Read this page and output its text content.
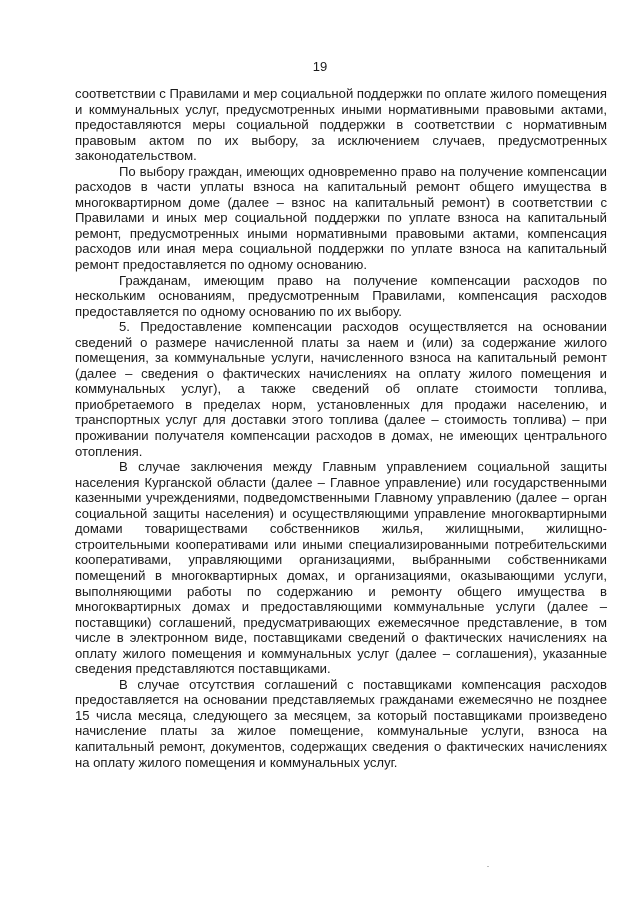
19

соответствии с Правилами и мер социальной поддержки по оплате жилого помещения и коммунальных услуг, предусмотренных иными нормативными правовыми актами, предоставляются меры социальной поддержки в соответствии с нормативным правовым актом по их выбору, за исключением случаев, предусмотренных законодательством.

По выбору граждан, имеющих одновременно право на получение компенсации расходов в части уплаты взноса на капитальный ремонт общего имущества в многоквартирном доме (далее – взнос на капитальный ремонт) в соответствии с Правилами и иных мер социальной поддержки по уплате взноса на капитальный ремонт, предусмотренных иными нормативными правовыми актами, компенсация расходов или иная мера социальной поддержки по уплате взноса на капитальный ремонт предоставляется по одному основанию.

Гражданам, имеющим право на получение компенсации расходов по нескольким основаниям, предусмотренным Правилами, компенсация расходов предоставляется по одному основанию по их выбору.

5. Предоставление компенсации расходов осуществляется на основании сведений о размере начисленной платы за наем и (или) за содержание жилого помещения, за коммунальные услуги, начисленного взноса на капитальный ремонт (далее – сведения о фактических начислениях на оплату жилого помещения и коммунальных услуг), а также сведений об оплате стоимости топлива, приобретаемого в пределах норм, установленных для продажи населению, и транспортных услуг для доставки этого топлива (далее – стоимость топлива) – при проживании получателя компенсации расходов в домах, не имеющих центрального отопления.

В случае заключения между Главным управлением социальной защиты населения Курганской области (далее – Главное управление) или государственными казенными учреждениями, подведомственными Главному управлению (далее – орган социальной защиты населения) и осуществляющими управление многоквартирными домами товариществами собственников жилья, жилищными, жилищно-строительными кооперативами или иными специализированными потребительскими кооперативами, управляющими организациями, выбранными собственниками помещений в многоквартирных домах, и организациями, оказывающими услуги, выполняющими работы по содержанию и ремонту общего имущества в многоквартирных домах и предоставляющими коммунальные услуги (далее – поставщики) соглашений, предусматривающих ежемесячное представление, в том числе в электронном виде, поставщиками сведений о фактических начислениях на оплату жилого помещения и коммунальных услуг (далее – соглашения), указанные сведения представляются поставщиками.

В случае отсутствия соглашений с поставщиками компенсация расходов предоставляется на основании представляемых гражданами ежемесячно не позднее 15 числа месяца, следующего за месяцем, за который поставщиками произведено начисление платы за жилое помещение, коммунальные услуги, взноса на капитальный ремонт, документов, содержащих сведения о фактических начислениях на оплату жилого помещения и коммунальных услуг.
